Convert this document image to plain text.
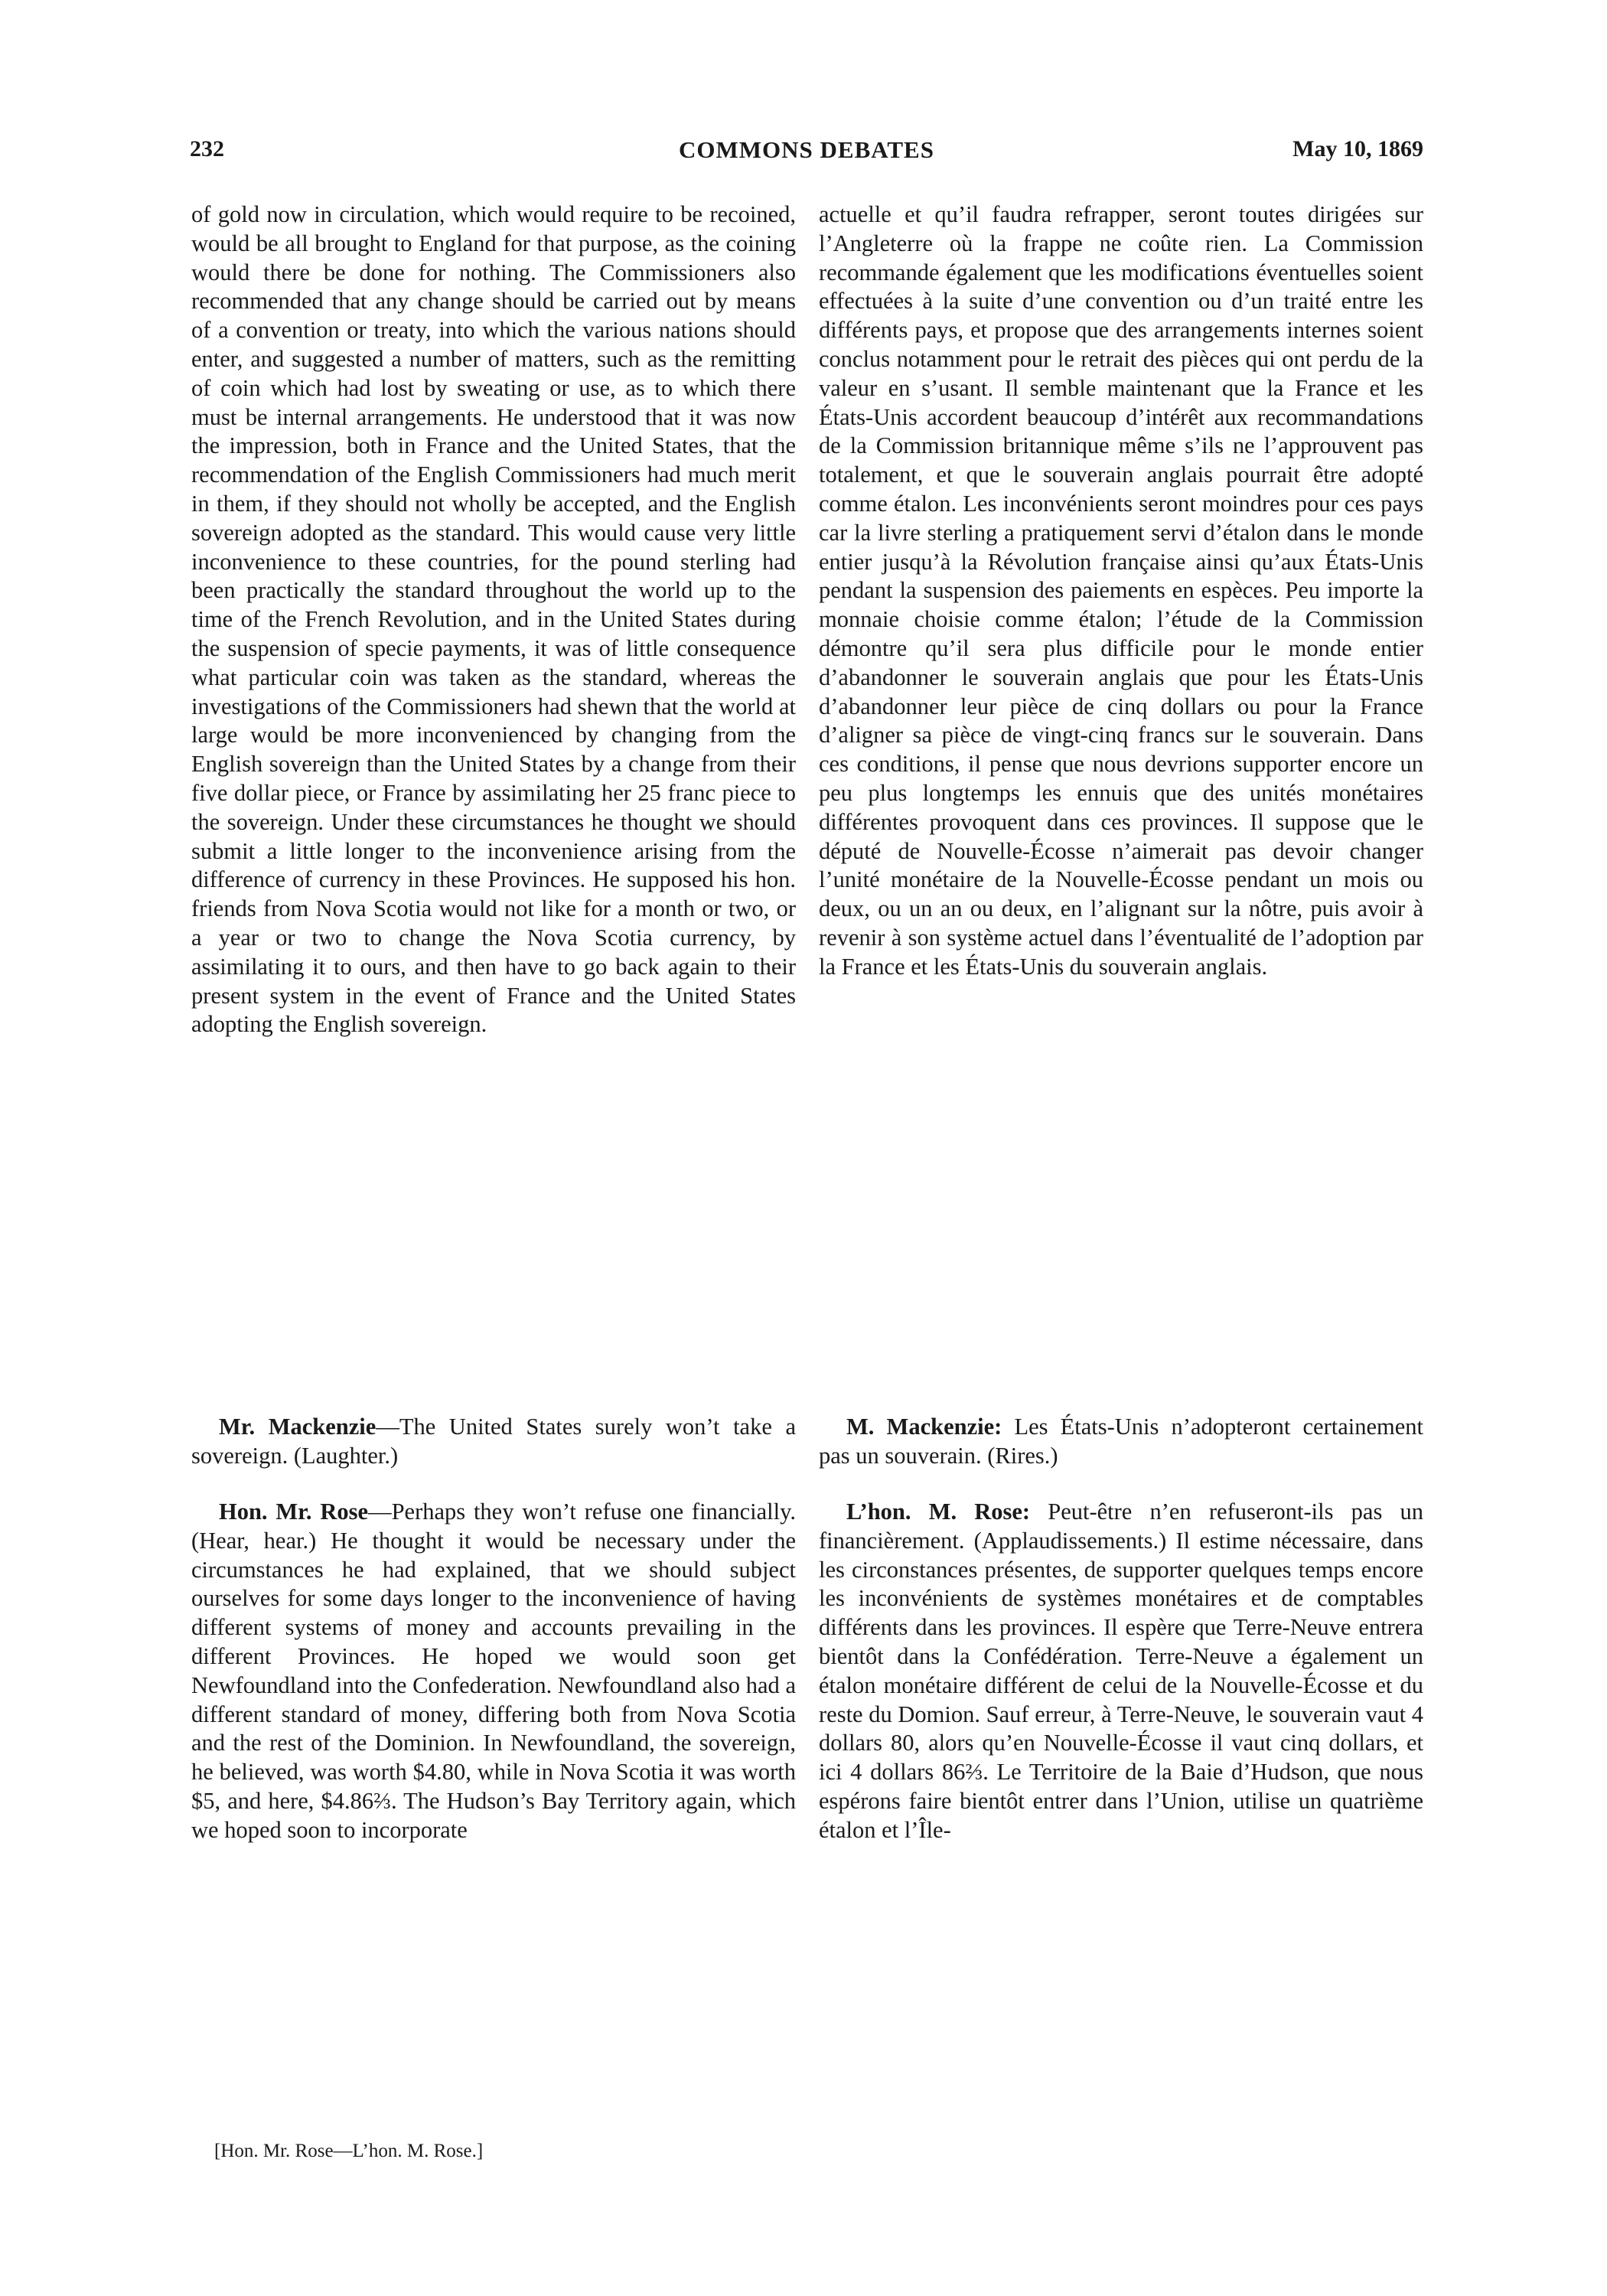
COMMONS DEBATES
232	May 10, 1869

of gold now in circulation, which would require to be recoined, would be all brought to England for that purpose, as the coining would there be done for nothing. The Commissioners also recommended that any change should be carried out by means of a convention or treaty, into which the various nations should enter, and suggested a number of matters, such as the remitting of coin which had lost by sweating or use, as to which there must be internal arrangements. He understood that it was now the impression, both in France and the United States, that the recommendation of the English Commissioners had much merit in them, if they should not wholly be accepted, and the English sovereign adopted as the standard. This would cause very little inconvenience to these countries, for the pound sterling had been practically the standard throughout the world up to the time of the French Revolution, and in the United States during the suspension of specie payments, it was of little consequence what particular coin was taken as the standard, whereas the investigations of the Commissioners had shewn that the world at large would be more inconvenienced by changing from the English sovereign than the United States by a change from their five dollar piece, or France by assimilating her 25 franc piece to the sovereign. Under these circumstances he thought we should submit a little longer to the inconvenience arising from the difference of currency in these Provinces. He supposed his hon. friends from Nova Scotia would not like for a month or two, or a year or two to change the Nova Scotia currency, by assimilating it to ours, and then have to go back again to their present system in the event of France and the United States adopting the English sovereign.

Mr. Mackenzie—The United States surely won’t take a sovereign. (Laughter.)

Hon. Mr. Rose—Perhaps they won’t refuse one financially. (Hear, hear.) He thought it would be necessary under the circumstances he had explained, that we should subject ourselves for some days longer to the inconvenience of having different systems of money and accounts prevailing in the different Provinces. He hoped we would soon get Newfoundland into the Confederation. Newfoundland also had a different standard of money, differing both from Nova Scotia and the rest of the Dominion. In Newfoundland, the sovereign, he believed, was worth $4.80, while in Nova Scotia it was worth $5, and here, $4.86⅔. The Hudson’s Bay Territory again, which we hoped soon to incorporate

[Hon. Mr. Rose—L’hon. M. Rose.]

actuelle et qu’il faudra refrapper, seront toutes dirigées sur l’Angleterre où la frappe ne coûte rien. La Commission recommande également que les modifications éventuelles soient effectuées à la suite d’une convention ou d’un traité entre les différents pays, et propose que des arrangements internes soient conclus notamment pour le retrait des pièces qui ont perdu de la valeur en s’usant. Il semble maintenant que la France et les États-Unis accordent beaucoup d’intérêt aux recommandations de la Commission britannique même s’ils ne l’approuvent pas totalement, et que le souverain anglais pourrait être adopté comme étalon. Les inconvénients seront moindres pour ces pays car la livre sterling a pratiquement servi d’étalon dans le monde entier jusqu’à la Révolution française ainsi qu’aux États-Unis pendant la suspension des paiements en espèces. Peu importe la monnaie choisie comme étalon; l’étude de la Commission démontre qu’il sera plus difficile pour le monde entier d’abandonner le souverain anglais que pour les États-Unis d’abandonner leur pièce de cinq dollars ou pour la France d’aligner sa pièce de vingt-cinq francs sur le souverain. Dans ces conditions, il pense que nous devrions supporter encore un peu plus longtemps les ennuis que des unités monétaires différentes provoquent dans ces provinces. Il suppose que le député de Nouvelle-Écosse n’aimerait pas devoir changer l’unité monétaire de la Nouvelle-Écosse pendant un mois ou deux, ou un an ou deux, en l’alignant sur la nôtre, puis avoir à revenir à son système actuel dans l’éventualité de l’adoption par la France et les États-Unis du souverain anglais.

M. Mackenzie: Les États-Unis n’adopteront certainement pas un souverain. (Rires.)

L’hon. M. Rose: Peut-être n’en refuseront-ils pas un financièrement. (Applaudissements.) Il estime nécessaire, dans les circonstances présentes, de supporter quelques temps encore les inconvénients de systèmes monétaires et de comptables différents dans les provinces. Il espère que Terre-Neuve entrera bientôt dans la Confédération. Terre-Neuve a également un étalon monétaire différent de celui de la Nouvelle-Écosse et du reste du Domion. Sauf erreur, à Terre-Neuve, le souverain vaut 4 dollars 80, alors qu’en Nouvelle-Écosse il vaut cinq dollars, et ici 4 dollars 86⅔. Le Territoire de la Baie d’Hudson, que nous espérons faire bientôt entrer dans l’Union, utilise un quatrième étalon et l’Île-
